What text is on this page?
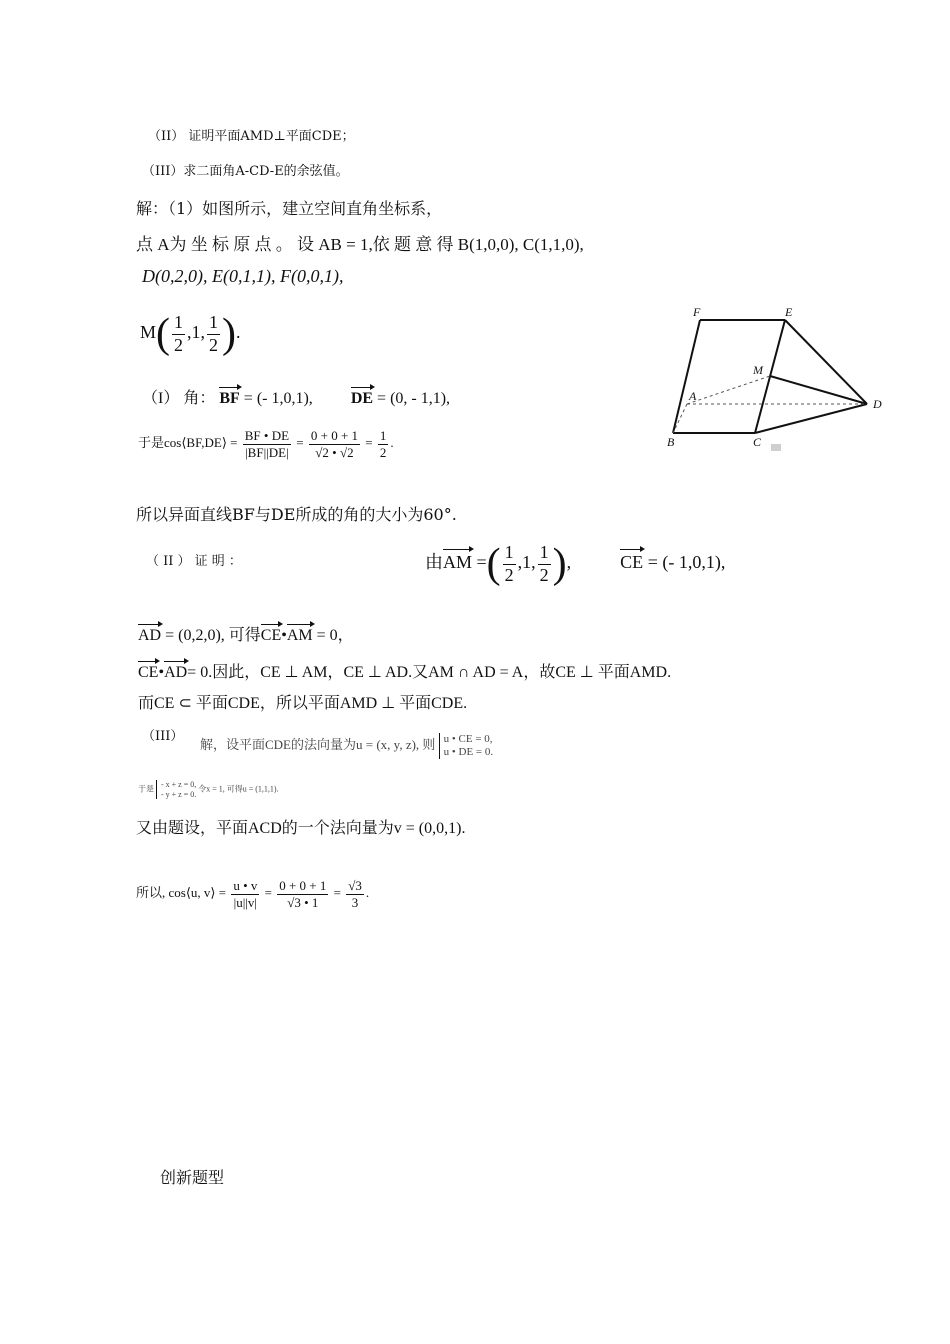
（II） 证明平面AMD⊥平面CDE；
（III）求二面角A-CD-E的余弦值。
解：（1）如图所示，建立空间直角坐标系，
点 A为 坐 标 原 点 。 设 AB = 1,依 题 意 得 B(1,0,0), C(1,1,0),
D(0,2,0), E(0,1,1), F(0,0,1),
$M( \frac{1}{2} ,1$, $\frac{1}{2}$ ).
（I） 角： BF = (- 1,0,1), DE = (0, - 1,1),
于是cos⟨BF,DE⟩ = $\frac{BF • DE}{|BF||DE|} = \frac{0 + 0 + 1}{√2 • √2} = \frac{1}{2}$ .
所以异面直线BF与DE所成的角的大小为60°.
（ II ） 证 明 ：	由AM =( $\frac{1}{2} ,1$, $\frac{1}{2}$ ),	CE = (- 1,0,1),
AD = (0,2,0), 可得CE•AM = 0，
CE•AD= 0.因此，CE ⊥ AM，CE ⊥ AD.又AM ∩ AD = A，故CE ⊥ 平面AMD.
而CE ⊂ 平面CDE，所以平面AMD ⊥ 平面CDE.
（III）
解，设平面CDE的法向量为u = (x, y, z), 则 u • CE = 0,
u • DE = 0.
于是 - x + z = 0,
- y + z = 0.
令x = 1, 可得u = (1,1,1).
又由题设，平面ACD的一个法向量为v = (0,0,1).
所以, cos⟨u, v⟩ = $\frac{u • v}{|u||v|} = \frac{0 + 0 + 1}{√3 • 1} = \frac{√3}{3}$ .
创新题型
F	E
M
A
D
B	C
